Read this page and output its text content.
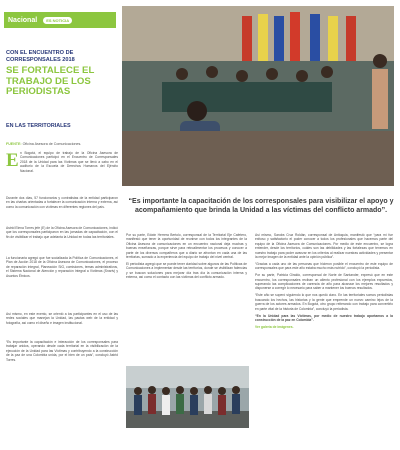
Nacional	ES NOTICIA
CON EL ENCUENTRO DE CORRESPONSALES 2018
SE FORTALECE EL TRABAJO DE LOS PERIODISTAS
EN LAS TERRITORIALES
FUENTE: Oficina Asesora de Comunicaciones.
“Es importante la capacitación de los corresponsales para visibilizar el apoyo y acompañamiento que brinda la Unidad a las víctimas del conflicto armado”.
E n Bogotá, el equipo de trabajo de la Oficina Asesora de Comunicaciones participó en el Encuentro de Corresponsales 2018 de la Unidad para las Víctimas que se llevó a cabo en el auditorio de la Escuela de Derechos Humanos del Ejército Nacional.
Durante dos días, 57 funcionarios y contratistas de la entidad participaron en las charlas orientadas a fortalecer la comunicación interna y externa, así como la comunicación con víctimas en diferentes regiones del país.
Astrid Elena Torres jefe (E) de la Oficina Asesora de Comunicaciones, indicó que los corresponsales participaron en las jornadas de capacitación, con el fin de visibilizar el trabajo que adelanta la Unidad en todas las territoriales.
La funcionaria agregó que fue socializada la Política de Comunicaciones, el Plan de Acción 2018 de la Oficina Asesora de Comunicaciones, el proceso de reparación integral, Planeación SIG, comisiones, temas administrativos, el Sistema Nacional de Atención y reparación Integral a Víctimas (Snariv) y Asuntos Étnicos.
Así mismo, en este evento, se orientó a los participantes en el uso de las redes sociales que manejan la Unidad, las pautas web de la entidad y fotografía, así como el diseño e imagen institucional.
“Es importante la capacitación e interacción de los corresponsales para trabajar unidos, operando desde cada territorial en la visibilización de la ejecución de la Unidad para las Víctimas y contribuyendo a la construcción de la paz de una Colombia unida, por el bien de un país”, concluyó Astrid Torres.

Por su parte, Edwin Herrera Bertolo, corresponsal de la Territorial Eje Cafetero, manifestó que tener la oportunidad de reunirse con todos los integrantes de la Oficina Asesora de comunicaciones en un encuentro nacional deja muchas y buenas enseñanzas, porque sirve para retroalimentar los procesos y conocer a parte de los diversos compañeros que a diario se afrontan en cada una de las territorias, sumado a la experiencia del equipo de trabajo del nivel central.

El periodista agregó que se puede tener claridad sobre algunos de las Políticas de Comunicaciones a implementar desde las territorios, donde se visibilizan falencias y se buscan soluciones para mejorar día tras día la comunicación interna y externa, así como el contacto con las víctimas del conflicto armado.

Así mismo, Sandra Cruz Roldán, corresponsal de Antioquia, manifestó que “para mí fue exitoso y satisfactorio el poder conocer a todos los profesionales que hacemos parte del equipo de la Oficina Asesora de Comunicaciones. Por medio de este encuentro, se logra entender, desde los territorios, cuáles son las debilidades y las fortalezas que tenemos en nuestro trabajo para poder avanzar en los criterios al realizar nuestras actividades y presentar la mejor imagen de la entidad ante la opinión pública”.

“Gracias a cada uno de las personas que hicieron posible el encuentro de este equipo de corresponsales que para este año estaba mucho más nutrido”, concluyó la periodista.

Por su parte, Patricia Giraldo, corresponsal de Norte de Santander, expresó que en este encuentro, los corresponsales reciban un aliento profesional con los ejemplos expuestos, superando las complicaciones de carencia de año para alcanzar los mejores resultados y disponerse a corregir lo necesario para saber a mantener los buenos resultados.

“Este año se superó siguiendo lo que nos quedó claro. En las territoriales somos periodistas buscando los hechos, las historias y la gente que emprende un nuevo camino lejos de la guerra de los actores armados. En Bogotá, otro grupo reiterando con trabajo para convertirlo en parte vital de la historia de Colombia”, concluyó la periodista.

“En la Unidad para las Víctimas, por medio de nuestro trabajo aportamos a la construcción de la paz en Colombia”.

Ver galería de imágenes.
